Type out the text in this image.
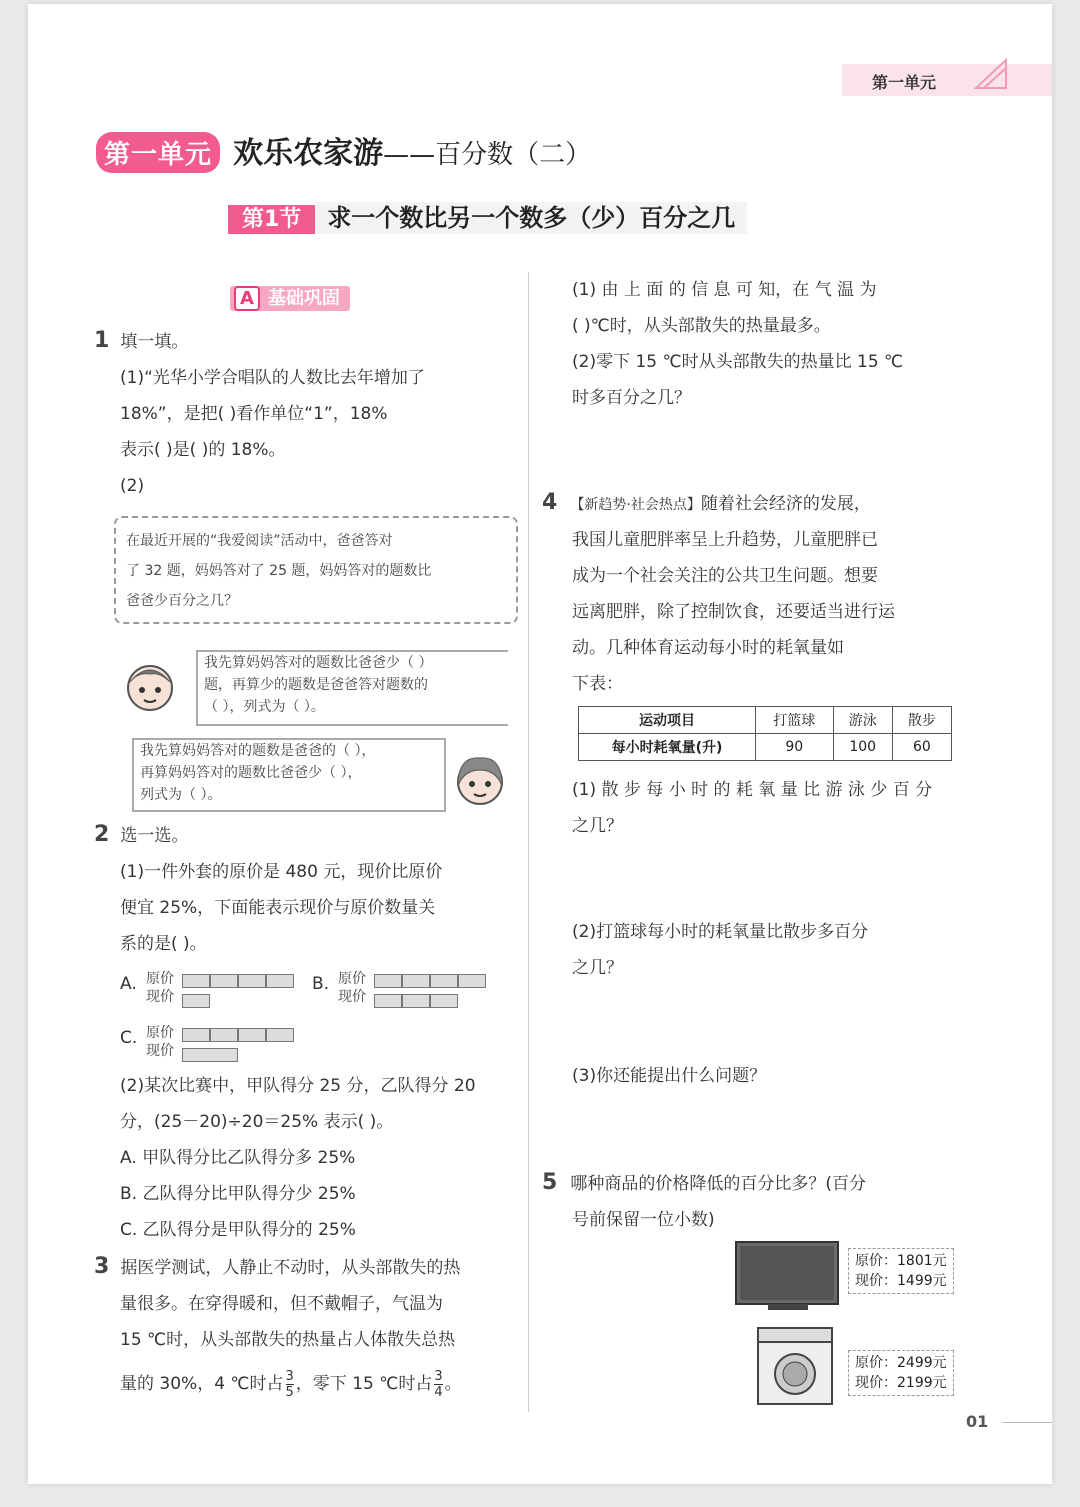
第一单元
第一单元 欢乐农家游——百分数（二）
第1节 求一个数比另一个数多（少）百分之几
A 基础巩固
1 填一填。
(1)“光华小学合唱队的人数比去年增加了
18%”，是把( )看作单位“1”，18%
表示( )是( )的 18%。
(2)
在最近开展的“我爱阅读”活动中，爸爸答对
了 32 题，妈妈答对了 25 题，妈妈答对的题数比
爸爸少百分之几？
我先算妈妈答对的题数比爸爸少（ ）
题，再算少的题数是爸爸答对题数的
（ ），列式为（ ）。
我先算妈妈答对的题数是爸爸的（ ），
再算妈妈答对的题数比爸爸少（ ），
列式为（ ）。
2 选一选。
(1)一件外套的原价是 480 元，现价比原价
便宜 25%，下面能表示现价与原价数量关
系的是( )。
A. 原价
现价
B. 原价
现价
C. 原价
现价
(2)某次比赛中，甲队得分 25 分，乙队得分 20
分，(25－20)÷20＝25% 表示( )。
A. 甲队得分比乙队得分多 25%
B. 乙队得分比甲队得分少 25%
C. 乙队得分是甲队得分的 25%
3 据医学测试，人静止不动时，从头部散失的热
量很多。在穿得暖和，但不戴帽子，气温为
15 ℃时，从头部散失的热量占人体散失总热
量的 30%，4 ℃时占 $\frac{3}{5}$ ，零下 15 ℃时占 $\frac{3}{4}$ 。
(1) 由 上 面 的 信 息 可 知，在 气 温 为
( )℃时，从头部散失的热量最多。
(2)零下 15 ℃时从头部散失的热量比 15 ℃
时多百分之几？
4 【新趋势·社会热点】随着社会经济的发展，
我国儿童肥胖率呈上升趋势，儿童肥胖已
成为一个社会关注的公共卫生问题。想要
远离肥胖，除了控制饮食，还要适当进行运
动。几种体育运动每小时的耗氧量如
下表：
运动项目	打篮球	游泳	散步
每小时耗氧量(升)	90	100	60
(1) 散 步 每 小 时 的 耗 氧 量 比 游 泳 少 百 分
之几？
(2)打篮球每小时的耗氧量比散步多百分
之几？
(3)你还能提出什么问题？
5 哪种商品的价格降低的百分比多？(百分
号前保留一位小数)
原价：1801元
现价：1499元
原价：2499元
现价：2199元
01
